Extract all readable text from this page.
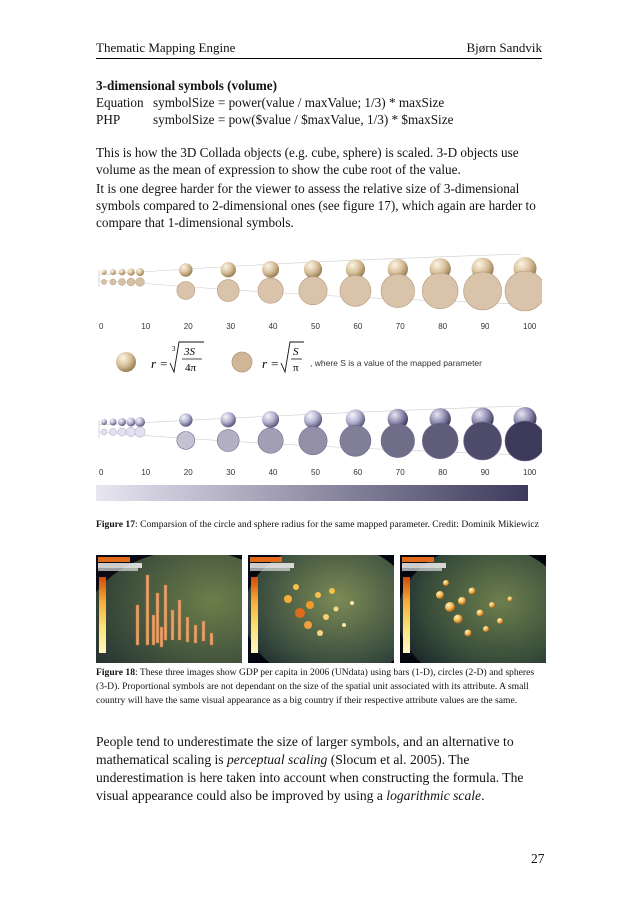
Thematic Mapping Engine	Bjørn Sandvik
3-dimensional symbols (volume)
Equation symbolSize = power(value / maxValue; 1/3) * maxSize
PHP	symbolSize = pow($value / $maxValue, 1/3) * $maxSize

This is how the 3D Collada objects (e.g. cube, sphere) is scaled. 3-D objects use volume as the mean of expression to show the cube root of the value.

It is one degree harder for the viewer to assess the relative size of 3-dimensional symbols compared to 2-dimensional ones (see figure 17), which again are harder to compare that 1-dimensional symbols.

0	10	20	30	40	50	60	70	80	90	100
0	10	20	30	40	50	60	70	80	90	100
r =
3 3S
4π	r =
S
π , where S is a value of the mapped parameter
Figure 17: Comparsion of the circle and sphere radius for the same mapped parameter. Credit: Dominik Mikiewicz
Figure 18: These three images show GDP per capita in 2006 (UNdata) using bars (1-D), circles (2-D) and spheres (3-D). Proportional symbols are not dependant on the size of the spatial unit associated with its attribute. A small country will have the same visual appearance as a big country if their respective attribute values are the same.

People tend to underestimate the size of larger symbols, and an alternative to mathematical scaling is perceptual scaling (Slocum et al. 2005). The underestimation is here taken into account when constructing the formula. The visual appearance could also be improved by using a logarithmic scale.

27
